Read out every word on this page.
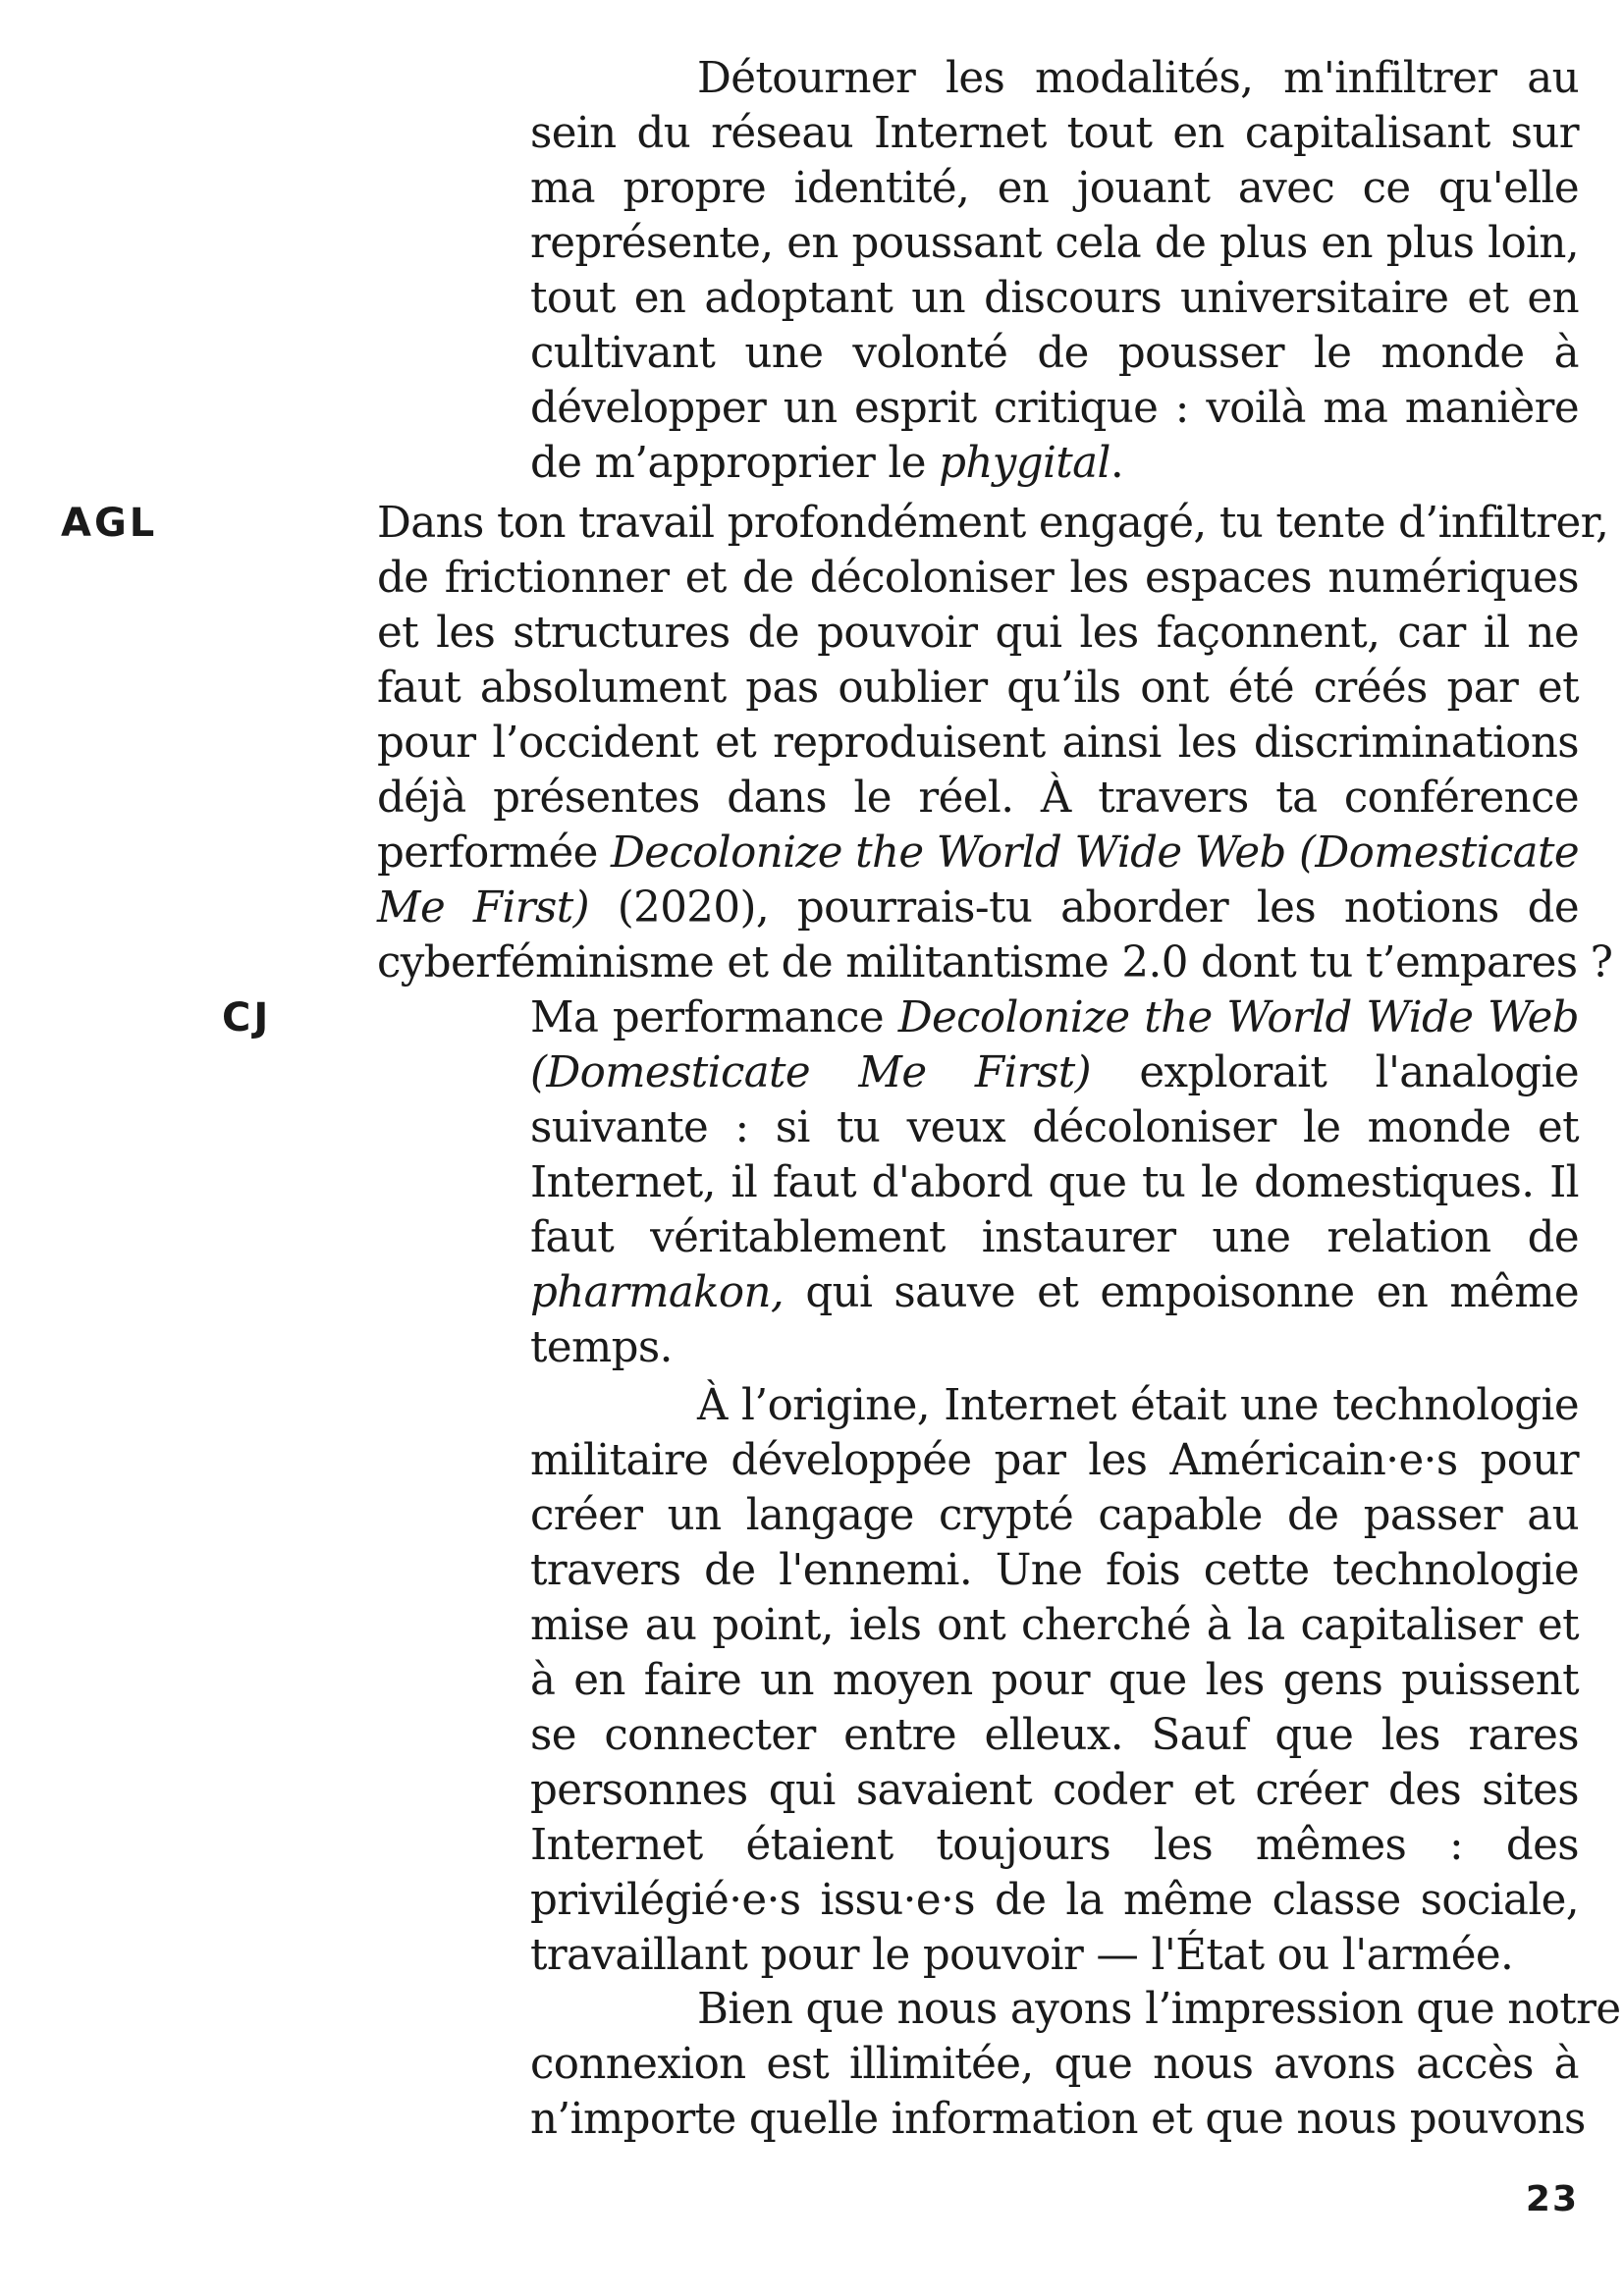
Détourner les modalités, m'infiltrer au
sein du réseau Internet tout en capitalisant sur
ma propre identité, en jouant avec ce qu'elle
représente, en poussant cela de plus en plus loin,
tout en adoptant un discours universitaire et en
cultivant une volonté de pousser le monde à
développer un esprit critique : voilà ma manière
de m’approprier le phygital.

AGL	Dans ton travail profondément engagé, tu tente d’infiltrer,
de frictionner et de décoloniser les espaces numériques
et les structures de pouvoir qui les façonnent, car il ne
faut absolument pas oublier qu’ils ont été créés par et
pour l’occident et reproduisent ainsi les discriminations
déjà présentes dans le réel. À travers ta conférence
performée Decolonize the World Wide Web (Domesticate
Me First) (2020), pourrais-tu aborder les notions de
cyberféminisme et de militantisme 2.0 dont tu t’empares ?

CJ	Ma performance Decolonize the World Wide Web
(Domesticate Me First) explorait l'analogie
suivante : si tu veux décoloniser le monde et
Internet, il faut d'abord que tu le domestiques. Il
faut véritablement instaurer une relation de
pharmakon, qui sauve et empoisonne en même
temps.

À l’origine, Internet était une technologie
militaire développée par les Américain·e·s pour
créer un langage crypté capable de passer au
travers de l'ennemi. Une fois cette technologie
mise au point, iels ont cherché à la capitaliser et
à en faire un moyen pour que les gens puissent
se connecter entre elleux. Sauf que les rares
personnes qui savaient coder et créer des sites
Internet étaient toujours les mêmes : des
privilégié·e·s issu·e·s de la même classe sociale,
travaillant pour le pouvoir — l'État ou l'armée.

Bien que nous ayons l’impression que notre
connexion est illimitée, que nous avons accès à
n’importe quelle information et que nous pouvons

23
